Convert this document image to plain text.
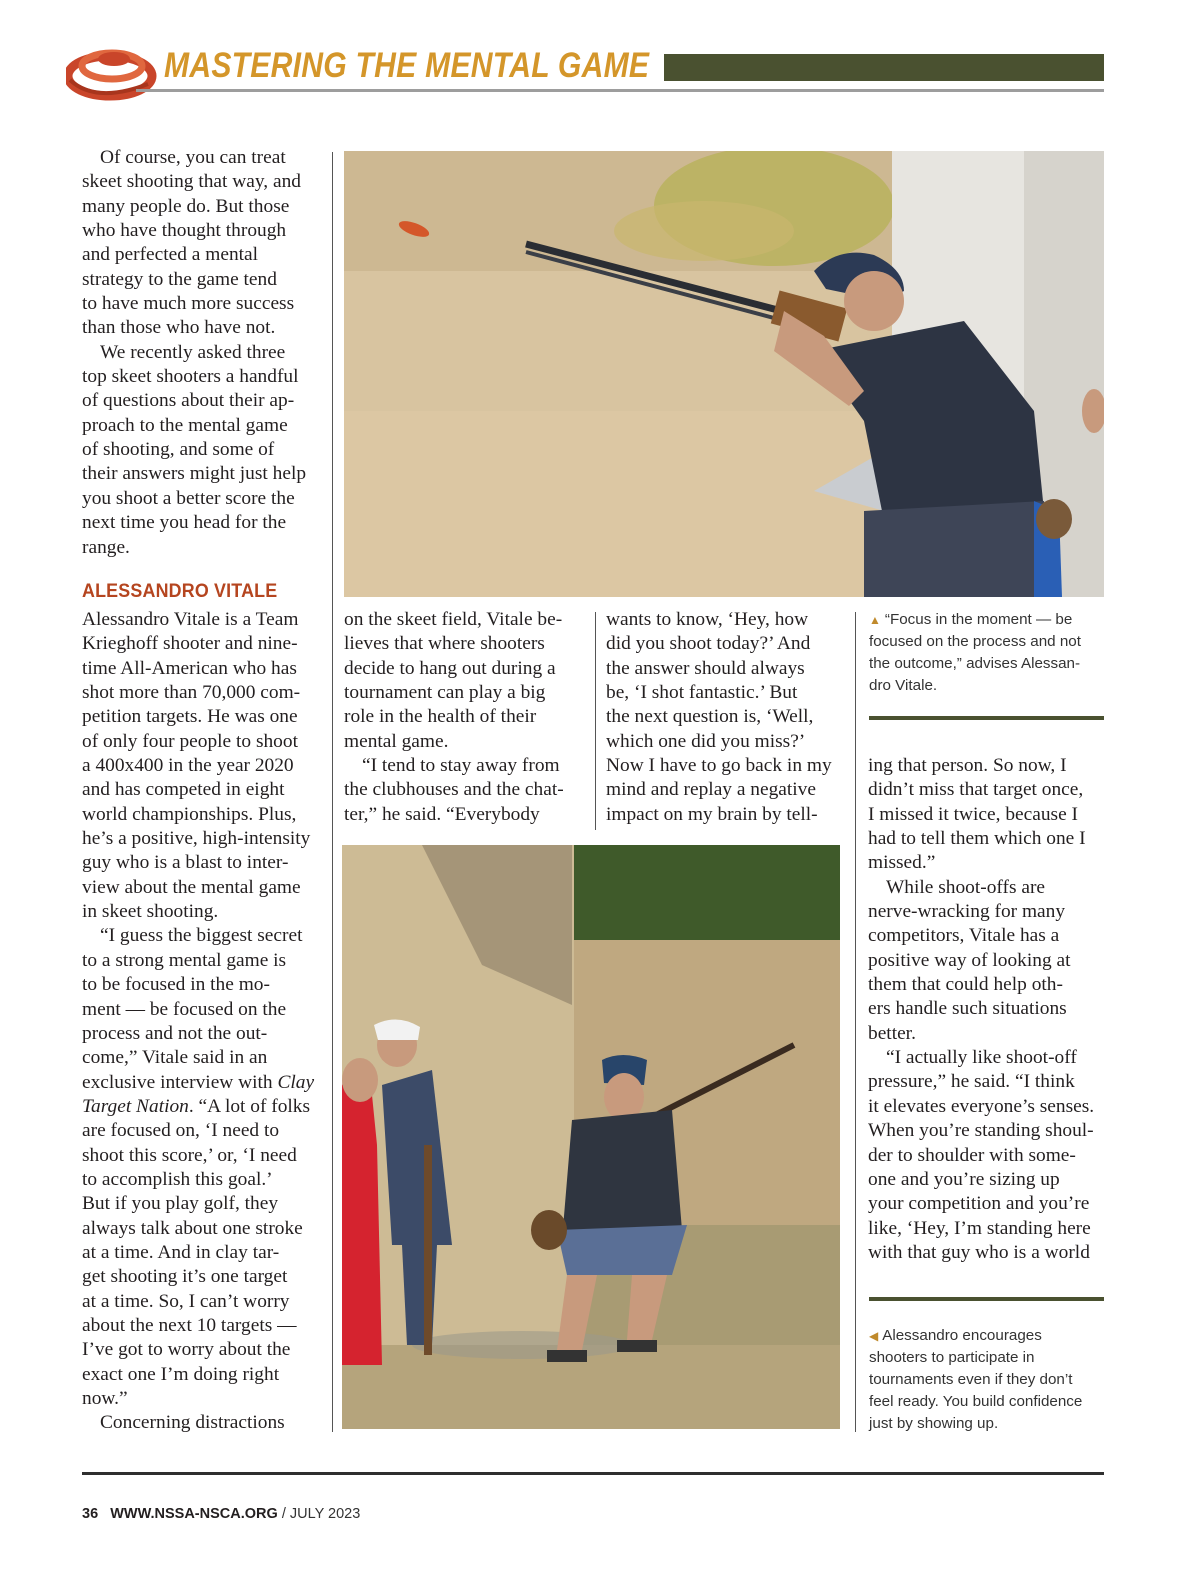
MASTERING THE MENTAL GAME
Of course, you can treat
skeet shooting that way, and
many people do. But those
who have thought through
and perfected a mental
strategy to the game tend
to have much more success
than those who have not.
We recently asked three
top skeet shooters a handful
of questions about their ap-
proach to the mental game
of shooting, and some of
their answers might just help
you shoot a better score the
next time you head for the
range.
ALESSANDRO VITALE
Alessandro Vitale is a Team
Krieghoff shooter and nine-
time All-American who has
shot more than 70,000 com-
petition targets. He was one
of only four people to shoot
a 400x400 in the year 2020
and has competed in eight
world championships. Plus,
he’s a positive, high-intensity
guy who is a blast to inter-
view about the mental game
in skeet shooting.
“I guess the biggest secret
to a strong mental game is
to be focused in the mo-
ment — be focused on the
process and not the out-
come,” Vitale said in an
exclusive interview with Clay
Target Nation. “A lot of folks
are focused on, ‘I need to
shoot this score,’ or, ‘I need
to accomplish this goal.’
But if you play golf, they
always talk about one stroke
at a time. And in clay tar-
get shooting it’s one target
at a time. So, I can’t worry
about the next 10 targets —
I’ve got to worry about the
exact one I’m doing right
now.”
Concerning distractions
on the skeet field, Vitale be-
lieves that where shooters
decide to hang out during a
tournament can play a big
role in the health of their
mental game.
“I tend to stay away from
the clubhouses and the chat-
ter,” he said. “Everybody
wants to know, ‘Hey, how
did you shoot today?’ And
the answer should always
be, ‘I shot fantastic.’ But
the next question is, ‘Well,
which one did you miss?’
Now I have to go back in my
mind and replay a negative
impact on my brain by tell-
ing that person. So now, I
didn’t miss that target once,
I missed it twice, because I
had to tell them which one I
missed.”
While shoot-offs are
nerve-wracking for many
competitors, Vitale has a
positive way of looking at
them that could help oth-
ers handle such situations
better.
“I actually like shoot-off
pressure,” he said. “I think
it elevates everyone’s senses.
When you’re standing shoul-
der to shoulder with some-
one and you’re sizing up
your competition and you’re
like, ‘Hey, I’m standing here
with that guy who is a world
▲ “Focus in the moment — be
focused on the process and not
the outcome,” advises Alessan-
dro Vitale.
◀ Alessandro encourages
shooters to participate in
tournaments even if they don’t
feel ready. You build confidence
just by showing up.
36 WWW.NSSA-NSCA.ORG / JULY 2023
